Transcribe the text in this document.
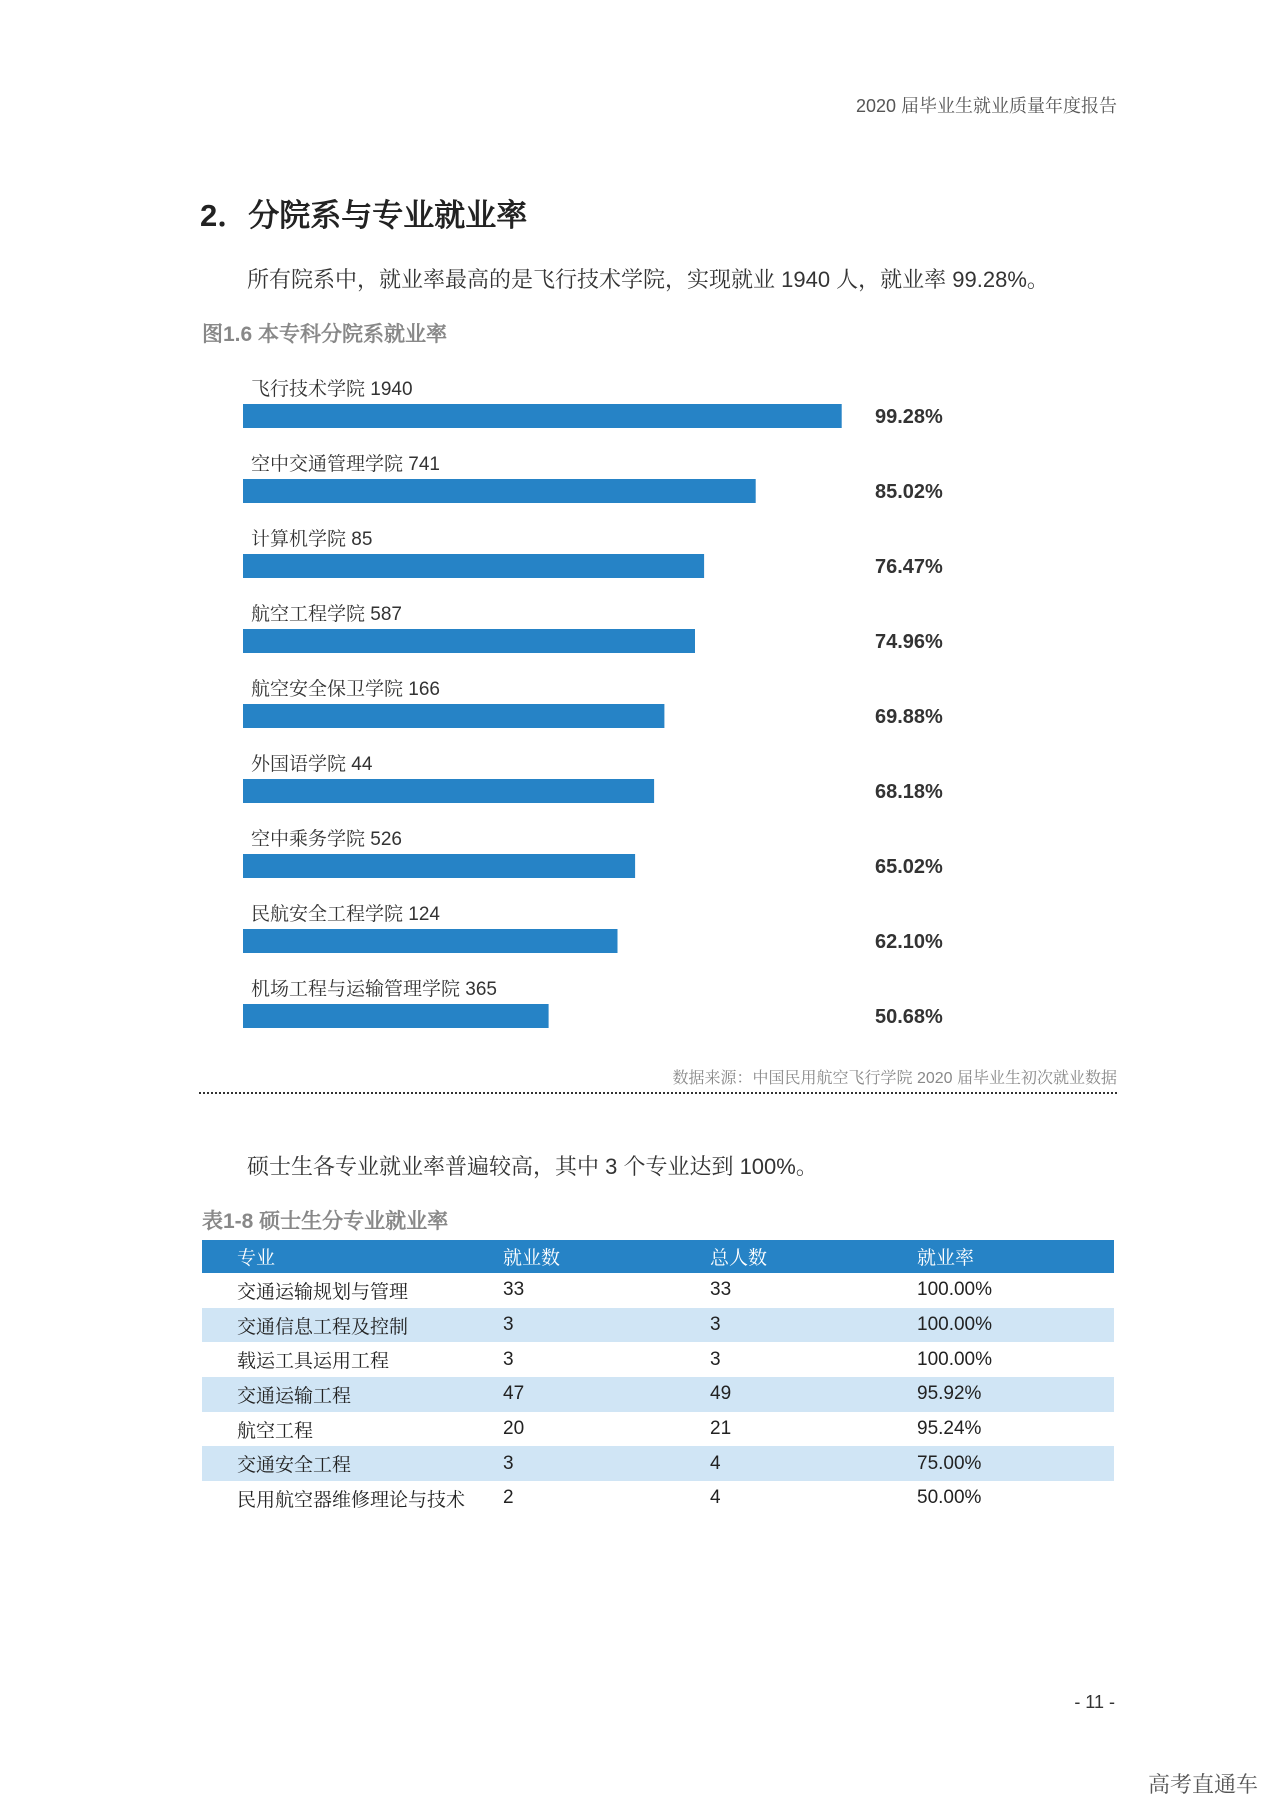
2020 届毕业生就业质量年度报告
2．分院系与专业就业率
所有院系中，就业率最高的是飞行技术学院，实现就业 1940 人，就业率 99.28%。
图1.6 本专科分院系就业率
飞行技术学院 1940
99.28%
空中交通管理学院 741
85.02%
计算机学院 85
76.47%
航空工程学院 587
74.96%
航空安全保卫学院 166
69.88%
外国语学院 44
68.18%
空中乘务学院 526
65.02%
民航安全工程学院 124
62.10%
机场工程与运输管理学院 365
50.68%
数据来源：中国民用航空飞行学院 2020 届毕业生初次就业数据
硕士生各专业就业率普遍较高，其中 3 个专业达到 100%。
表1-8 硕士生分专业就业率
专业	就业数	总人数	就业率
交通运输规划与管理	33	33	100.00%
交通信息工程及控制	3	3	100.00%
载运工具运用工程	3	3	100.00%
交通运输工程	47	49	95.92%
航空工程	20	21	95.24%
交通安全工程	3	4	75.00%
民用航空器维修理论与技术	2	4	50.00%
- 11 -
高考直通车
